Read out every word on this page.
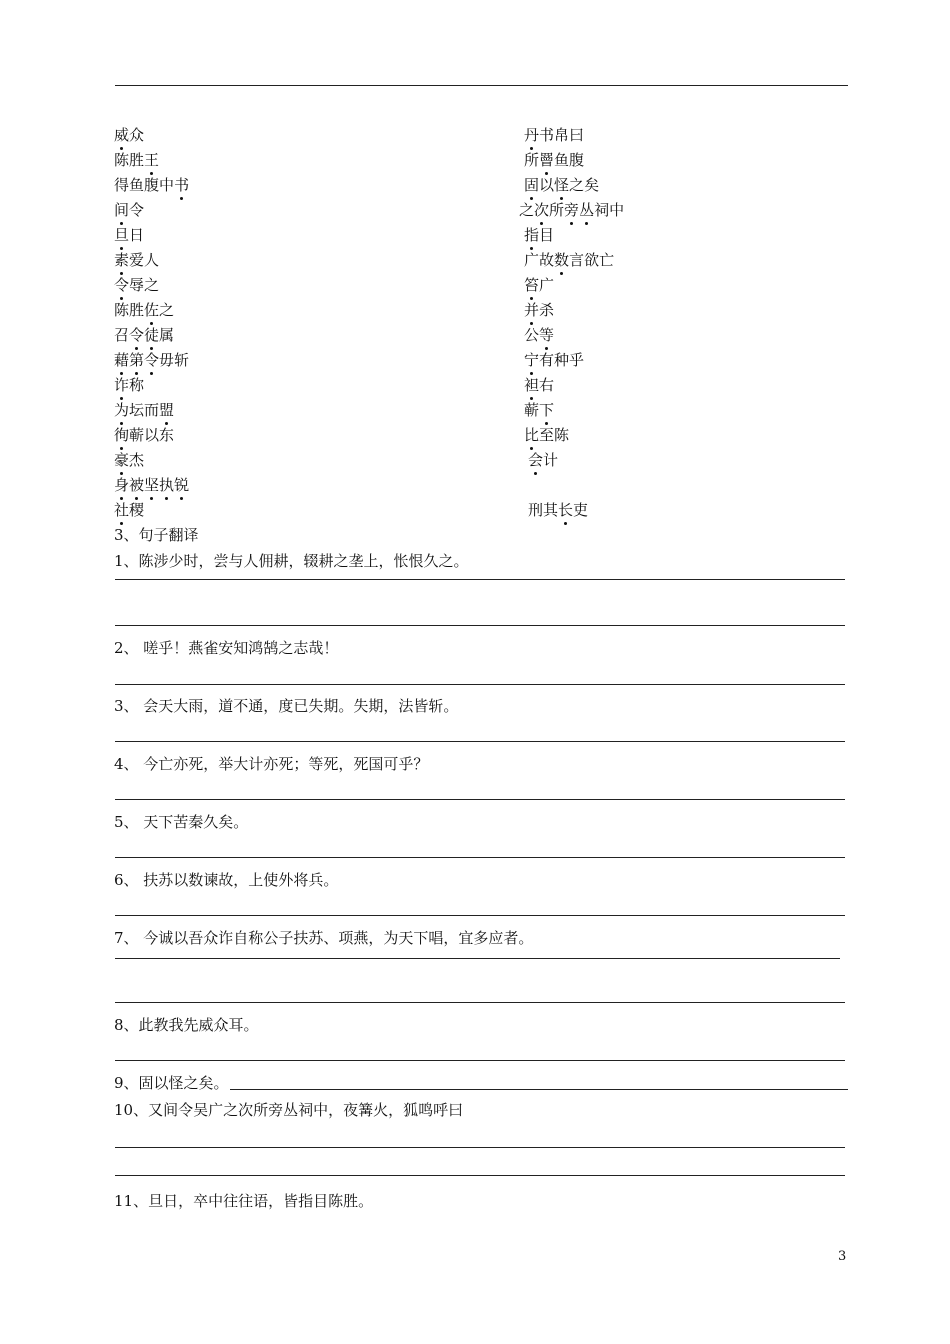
威众	丹书帛曰
陈胜王	所罾鱼腹
得鱼腹中书	固以怪之矣
间令	之次所旁丛祠中
旦日	指目
素爱人	广故数言欲亡
令辱之	笞广
陈胜佐之	并杀
召令徒属	公等
藉第令毋斩	宁有种乎
诈称	袒右
为坛而盟	蕲下
徇蕲以东	比至陈
豪杰	会计
身被坚执锐
社稷	刑其长吏
3、句子翻译
1、陈涉少时，尝与人佣耕，辍耕之垄上，怅恨久之。
2、 嗟乎！燕雀安知鸿鹄之志哉！
3、 会天大雨，道不通，度已失期。失期，法皆斩。
4、 今亡亦死，举大计亦死；等死，死国可乎？
5、 天下苦秦久矣。
6、 扶苏以数谏故，上使外将兵。
7、 今诚以吾众诈自称公子扶苏、项燕，为天下唱，宜多应者。
8、此教我先威众耳。
9、固以怪之矣。
10、又间令吴广之次所旁丛祠中，夜篝火，狐鸣呼曰
11、旦日，卒中往往语，皆指目陈胜。
3
